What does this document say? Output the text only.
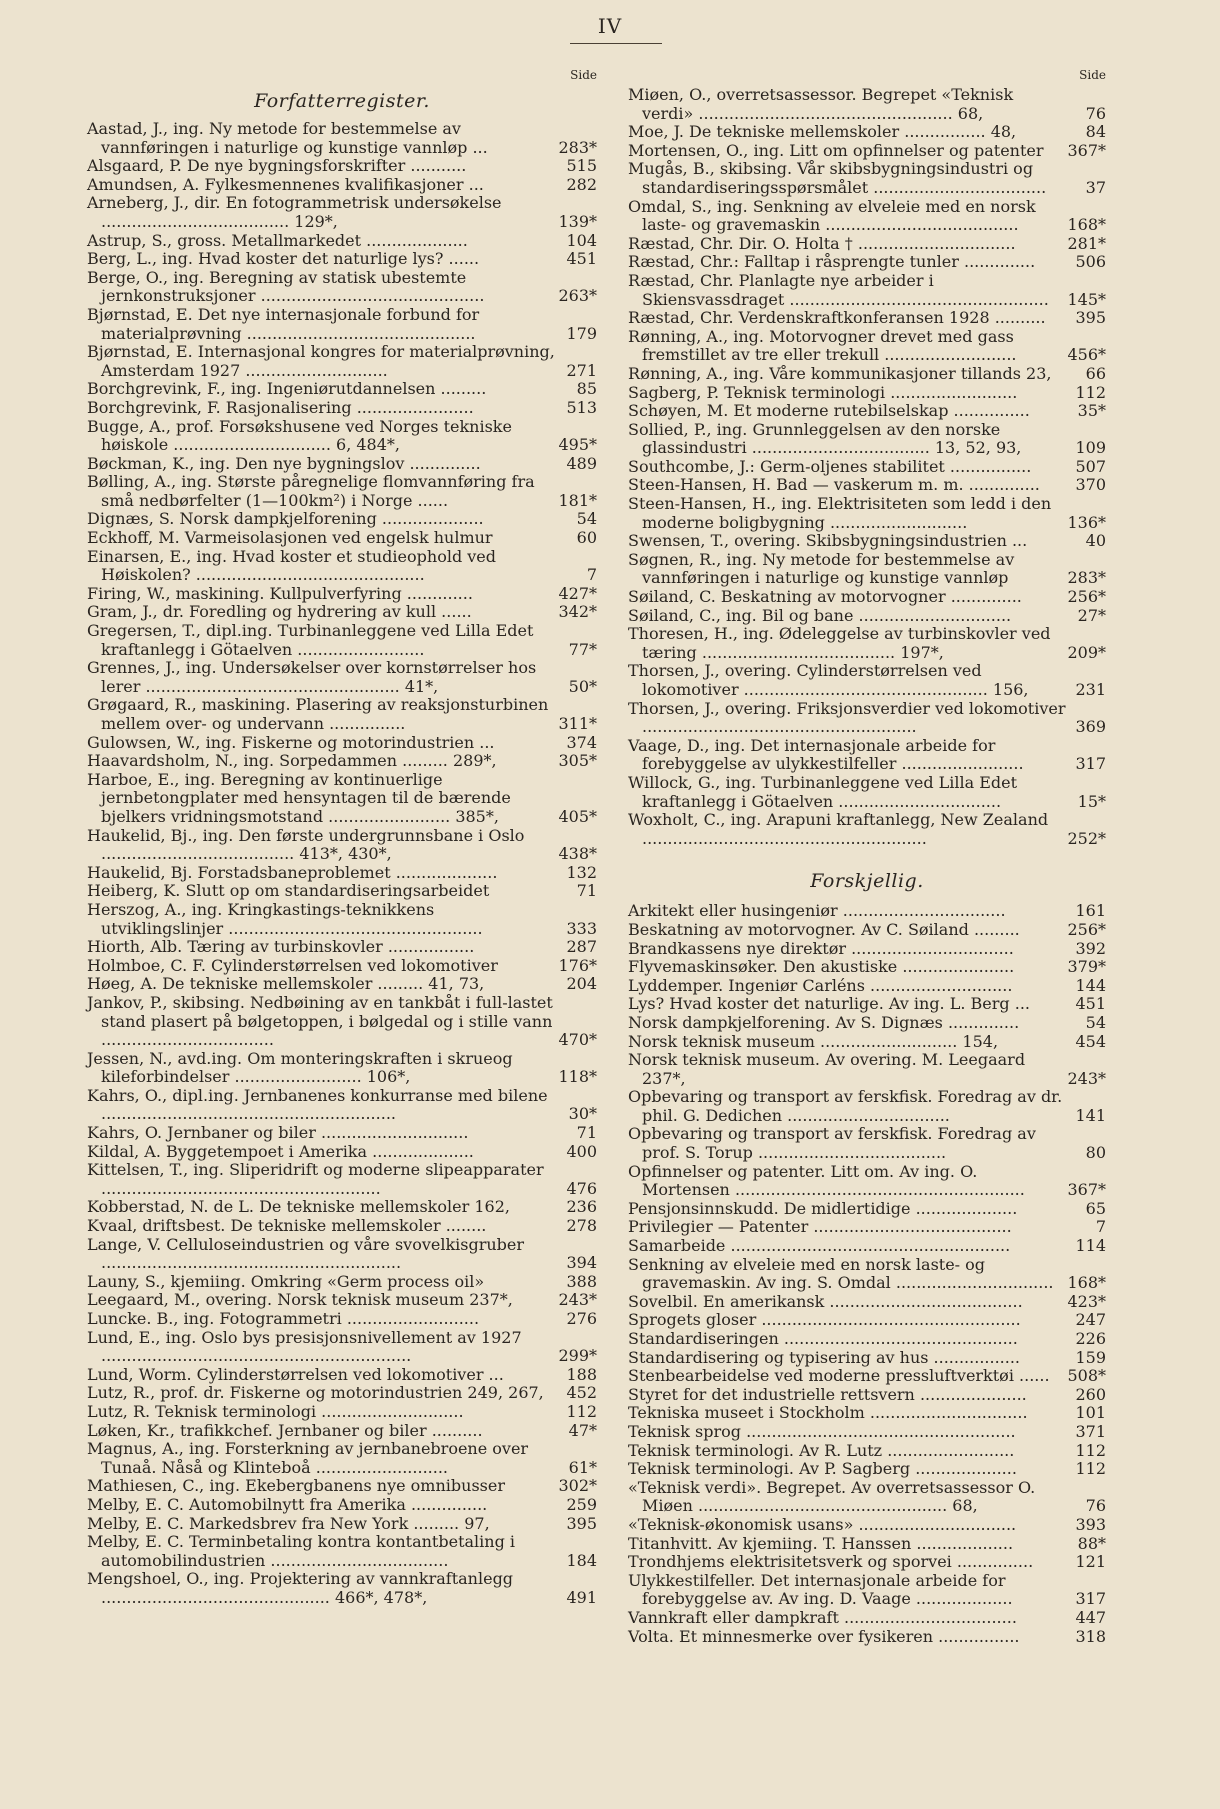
IV
Side
Forfatterregister.
Aastad, J., ing. Ny metode for bestemmelse av vannføringen i naturlige og kunstige vannløp ...	283*
Alsgaard, P. De nye bygningsforskrifter ...........	515
Amundsen, A. Fylkesmennenes kvalifikasjoner ...	282
Arneberg, J., dir. En fotogrammetrisk undersøkelse ..................................... 129*,	139*
Astrup, S., gross. Metallmarkedet ....................	104
Berg, L., ing. Hvad koster det naturlige lys? ......	451
Berge, O., ing. Beregning av statisk ubestemte jernkonstruksjoner ............................................	263*
Bjørnstad, E. Det nye internasjonale forbund for materialprøvning .............................................	179
Bjørnstad, E. Internasjonal kongres for materialprøvning, Amsterdam 1927 ............................	271
Borchgrevink, F., ing. Ingeniørutdannelsen .........	85
Borchgrevink, F. Rasjonalisering .......................	513
Bugge, A., prof. Forsøkshusene ved Norges tekniske høiskole ............................... 6, 484*,	495*
Bøckman, K., ing. Den nye bygningslov ..............	489
Bølling, A., ing. Største påregnelige flomvannføring fra små nedbørfelter (1—100km²) i Norge ......	181*
Dignæs, S. Norsk dampkjelforening ....................	54
Eckhoff, M. Varmeisolasjonen ved engelsk hulmur	60
Einarsen, E., ing. Hvad koster et studieophold ved Høiskolen? .............................................	7
Firing, W., maskining. Kullpulverfyring .............	427*
Gram, J., dr. Foredling og hydrering av kull ......	342*
Gregersen, T., dipl.ing. Turbinanleggene ved Lilla Edet kraftanlegg i Götaelven .........................	77*
Grennes, J., ing. Undersøkelser over kornstørrelser hos lerer .................................................. 41*,	50*
Grøgaard, R., maskining. Plasering av reaksjonsturbinen mellem over- og undervann ...............	311*
Gulowsen, W., ing. Fiskerne og motorindustrien ...	374
Haavardsholm, N., ing. Sorpedammen ......... 289*,	305*
Harboe, E., ing. Beregning av kontinuerlige jernbetongplater med hensyntagen til de bærende bjelkers vridningsmotstand ........................ 385*,	405*
Haukelid, Bj., ing. Den første undergrunnsbane i Oslo ...................................... 413*, 430*,	438*
Haukelid, Bj. Forstadsbaneproblemet ....................	132
Heiberg, K. Slutt op om standardiseringsarbeidet	71
Herszog, A., ing. Kringkastings-teknikkens utviklingslinjer ..................................................	333
Hiorth, Alb. Tæring av turbinskovler .................	287
Holmboe, C. F. Cylinderstørrelsen ved lokomotiver	176*
Høeg, A. De tekniske mellemskoler ......... 41, 73,	204
Jankov, P., skibsing. Nedbøining av en tankbåt i full-lastet stand plasert på bølgetoppen, i bølgedal og i stille vann ..................................	470*
Jessen, N., avd.ing. Om monteringskraften i skrueog kileforbindelser ......................... 106*,	118*
Kahrs, O., dipl.ing. Jernbanenes konkurranse med bilene ..........................................................	30*
Kahrs, O. Jernbaner og biler .............................	71
Kildal, A. Byggetempoet i Amerika ....................	400
Kittelsen, T., ing. Sliperidrift og moderne slipeapparater .......................................................	476
Kobberstad, N. de L. De tekniske mellemskoler 162,	236
Kvaal, driftsbest. De tekniske mellemskoler ........	278
Lange, V. Celluloseindustrien og våre svovelkisgruber ...........................................................	394
Launy, S., kjemiing. Omkring «Germ process oil»	388
Leegaard, M., overing. Norsk teknisk museum 237*,	243*
Luncke. B., ing. Fotogrammetri ..........................	276
Lund, E., ing. Oslo bys presisjonsnivellement av 1927 .............................................................	299*
Lund, Worm. Cylinderstørrelsen ved lokomotiver ...	188
Lutz, R., prof. dr. Fiskerne og motorindustrien 249, 267,	452
Lutz, R. Teknisk terminologi ............................	112
Løken, Kr., trafikkchef. Jernbaner og biler ..........	47*
Magnus, A., ing. Forsterkning av jernbanebroene over Tunaå. Nåså og Klinteboå ..........................	61*
Mathiesen, C., ing. Ekebergbanens nye omnibusser	302*
Melby, E. C. Automobilnytt fra Amerika ...............	259
Melby, E. C. Markedsbrev fra New York ......... 97,	395
Melby, E. C. Terminbetaling kontra kontantbetaling i automobilindustrien ...................................	184
Mengshoel, O., ing. Projektering av vannkraftanlegg ............................................. 466*, 478*,	491
Side
Miøen, O., overretsassessor. Begrepet «Teknisk verdi» .................................................. 68,	76
Moe, J. De tekniske mellemskoler ................ 48,	84
Mortensen, O., ing. Litt om opfinnelser og patenter	367*
Mugås, B., skibsing. Vår skibsbygningsindustri og standardiseringsspørsmålet ..................................	37
Omdal, S., ing. Senkning av elveleie med en norsk laste- og gravemaskin ......................................	168*
Ræstad, Chr. Dir. O. Holta † ...............................	281*
Ræstad, Chr.: Falltap i råsprengte tunler ..............	506
Ræstad, Chr. Planlagte nye arbeider i Skiensvassdraget ...................................................	145*
Ræstad, Chr. Verdenskraftkonferansen 1928 ..........	395
Rønning, A., ing. Motorvogner drevet med gass fremstillet av tre eller trekull ..........................	456*
Rønning, A., ing. Våre kommunikasjoner tillands 23,	66
Sagberg, P. Teknisk terminologi .........................	112
Schøyen, M. Et moderne rutebilselskap ...............	35*
Sollied, P., ing. Grunnleggelsen av den norske glassindustri ................................... 13, 52, 93,	109
Southcombe, J.: Germ-oljenes stabilitet ................	507
Steen-Hansen, H. Bad — vaskerum m. m. ..............	370
Steen-Hansen, H., ing. Elektrisiteten som ledd i den moderne boligbygning ...........................	136*
Swensen, T., overing. Skibsbygningsindustrien ...	40
Søgnen, R., ing. Ny metode for bestemmelse av vannføringen i naturlige og kunstige vannløp	283*
Søiland, C. Beskatning av motorvogner ..............	256*
Søiland, C., ing. Bil og bane ..............................	27*
Thoresen, H., ing. Ødeleggelse av turbinskovler ved tæring ...................................... 197*,	209*
Thorsen, J., overing. Cylinderstørrelsen ved lokomotiver ................................................ 156,	231
Thorsen, J., overing. Friksjonsverdier ved lokomotiver ......................................................	369
Vaage, D., ing. Det internasjonale arbeide for forebyggelse av ulykkestilfeller ........................	317
Willock, G., ing. Turbinanleggene ved Lilla Edet kraftanlegg i Götaelven ................................	15*
Woxholt, C., ing. Arapuni kraftanlegg, New Zealand ........................................................	252*
Forskjellig.
Arkitekt eller husingeniør ................................	161
Beskatning av motorvogner. Av C. Søiland .........	256*
Brandkassens nye direktør ................................	392
Flyvemaskinsøker. Den akustiske ......................	379*
Lyddemper. Ingeniør Carléns ............................	144
Lys? Hvad koster det naturlige. Av ing. L. Berg ...	451
Norsk dampkjelforening. Av S. Dignæs ..............	54
Norsk teknisk museum ........................... 154,	454
Norsk teknisk museum. Av overing. M. Leegaard 237*,	243*
Opbevaring og transport av ferskfisk. Foredrag av dr. phil. G. Dedichen ................................	141
Opbevaring og transport av ferskfisk. Foredrag av prof. S. Torup .....................................	80
Opfinnelser og patenter. Litt om. Av ing. O. Mortensen .........................................................	367*
Pensjonsinnskudd. De midlertidige ....................	65
Privilegier — Patenter .......................................	7
Samarbeide .......................................................	114
Senkning av elveleie med en norsk laste- og gravemaskin. Av ing. S. Omdal ............................... 168*
Sovelbil. En amerikansk ......................................	423*
Sprogets gloser ...................................................	247
Standardiseringen ..............................................	226
Standardisering og typisering av hus .................	159
Stenbearbeidelse ved moderne pressluftverktøi ......	508*
Styret for det industrielle rettsvern .....................	260
Tekniska museet i Stockholm ...............................	101
Teknisk sprog .....................................................	371
Teknisk terminologi. Av R. Lutz .........................	112
Teknisk terminologi. Av P. Sagberg ....................	112
«Teknisk verdi». Begrepet. Av overretsassessor O. Miøen ................................................. 68,	76
«Teknisk-økonomisk usans» ...............................	393
Titanhvitt. Av kjemiing. T. Hanssen ...................	88*
Trondhjems elektrisitetsverk og sporvei ...............	121
Ulykkestilfeller. Det internasjonale arbeide for forebyggelse av. Av ing. D. Vaage ...................	317
Vannkraft eller dampkraft ..................................	447
Volta. Et minnesmerke over fysikeren ................	318
